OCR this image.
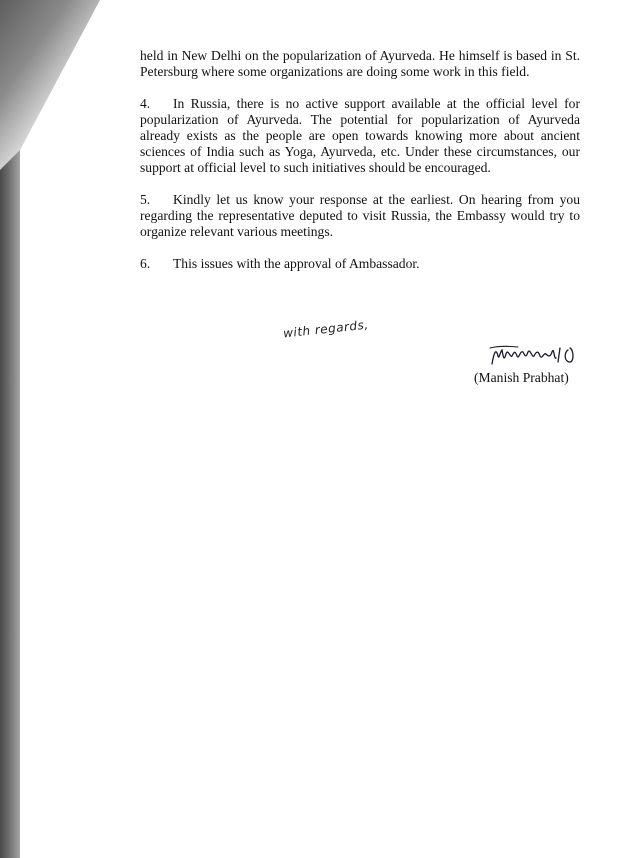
held in New Delhi on the popularization of Ayurveda. He himself is based in St. Petersburg where some organizations are doing some work in this field.

4. In Russia, there is no active support available at the official level for popularization of Ayurveda. The potential for popularization of Ayurveda already exists as the people are open towards knowing more about ancient sciences of India such as Yoga, Ayurveda, etc. Under these circumstances, our support at official level to such initiatives should be encouraged.

5. Kindly let us know your response at the earliest. On hearing from you regarding the representative deputed to visit Russia, the Embassy would try to organize relevant various meetings.

6. This issues with the approval of Ambassador.

with regards,
(Manish Prabhat)
